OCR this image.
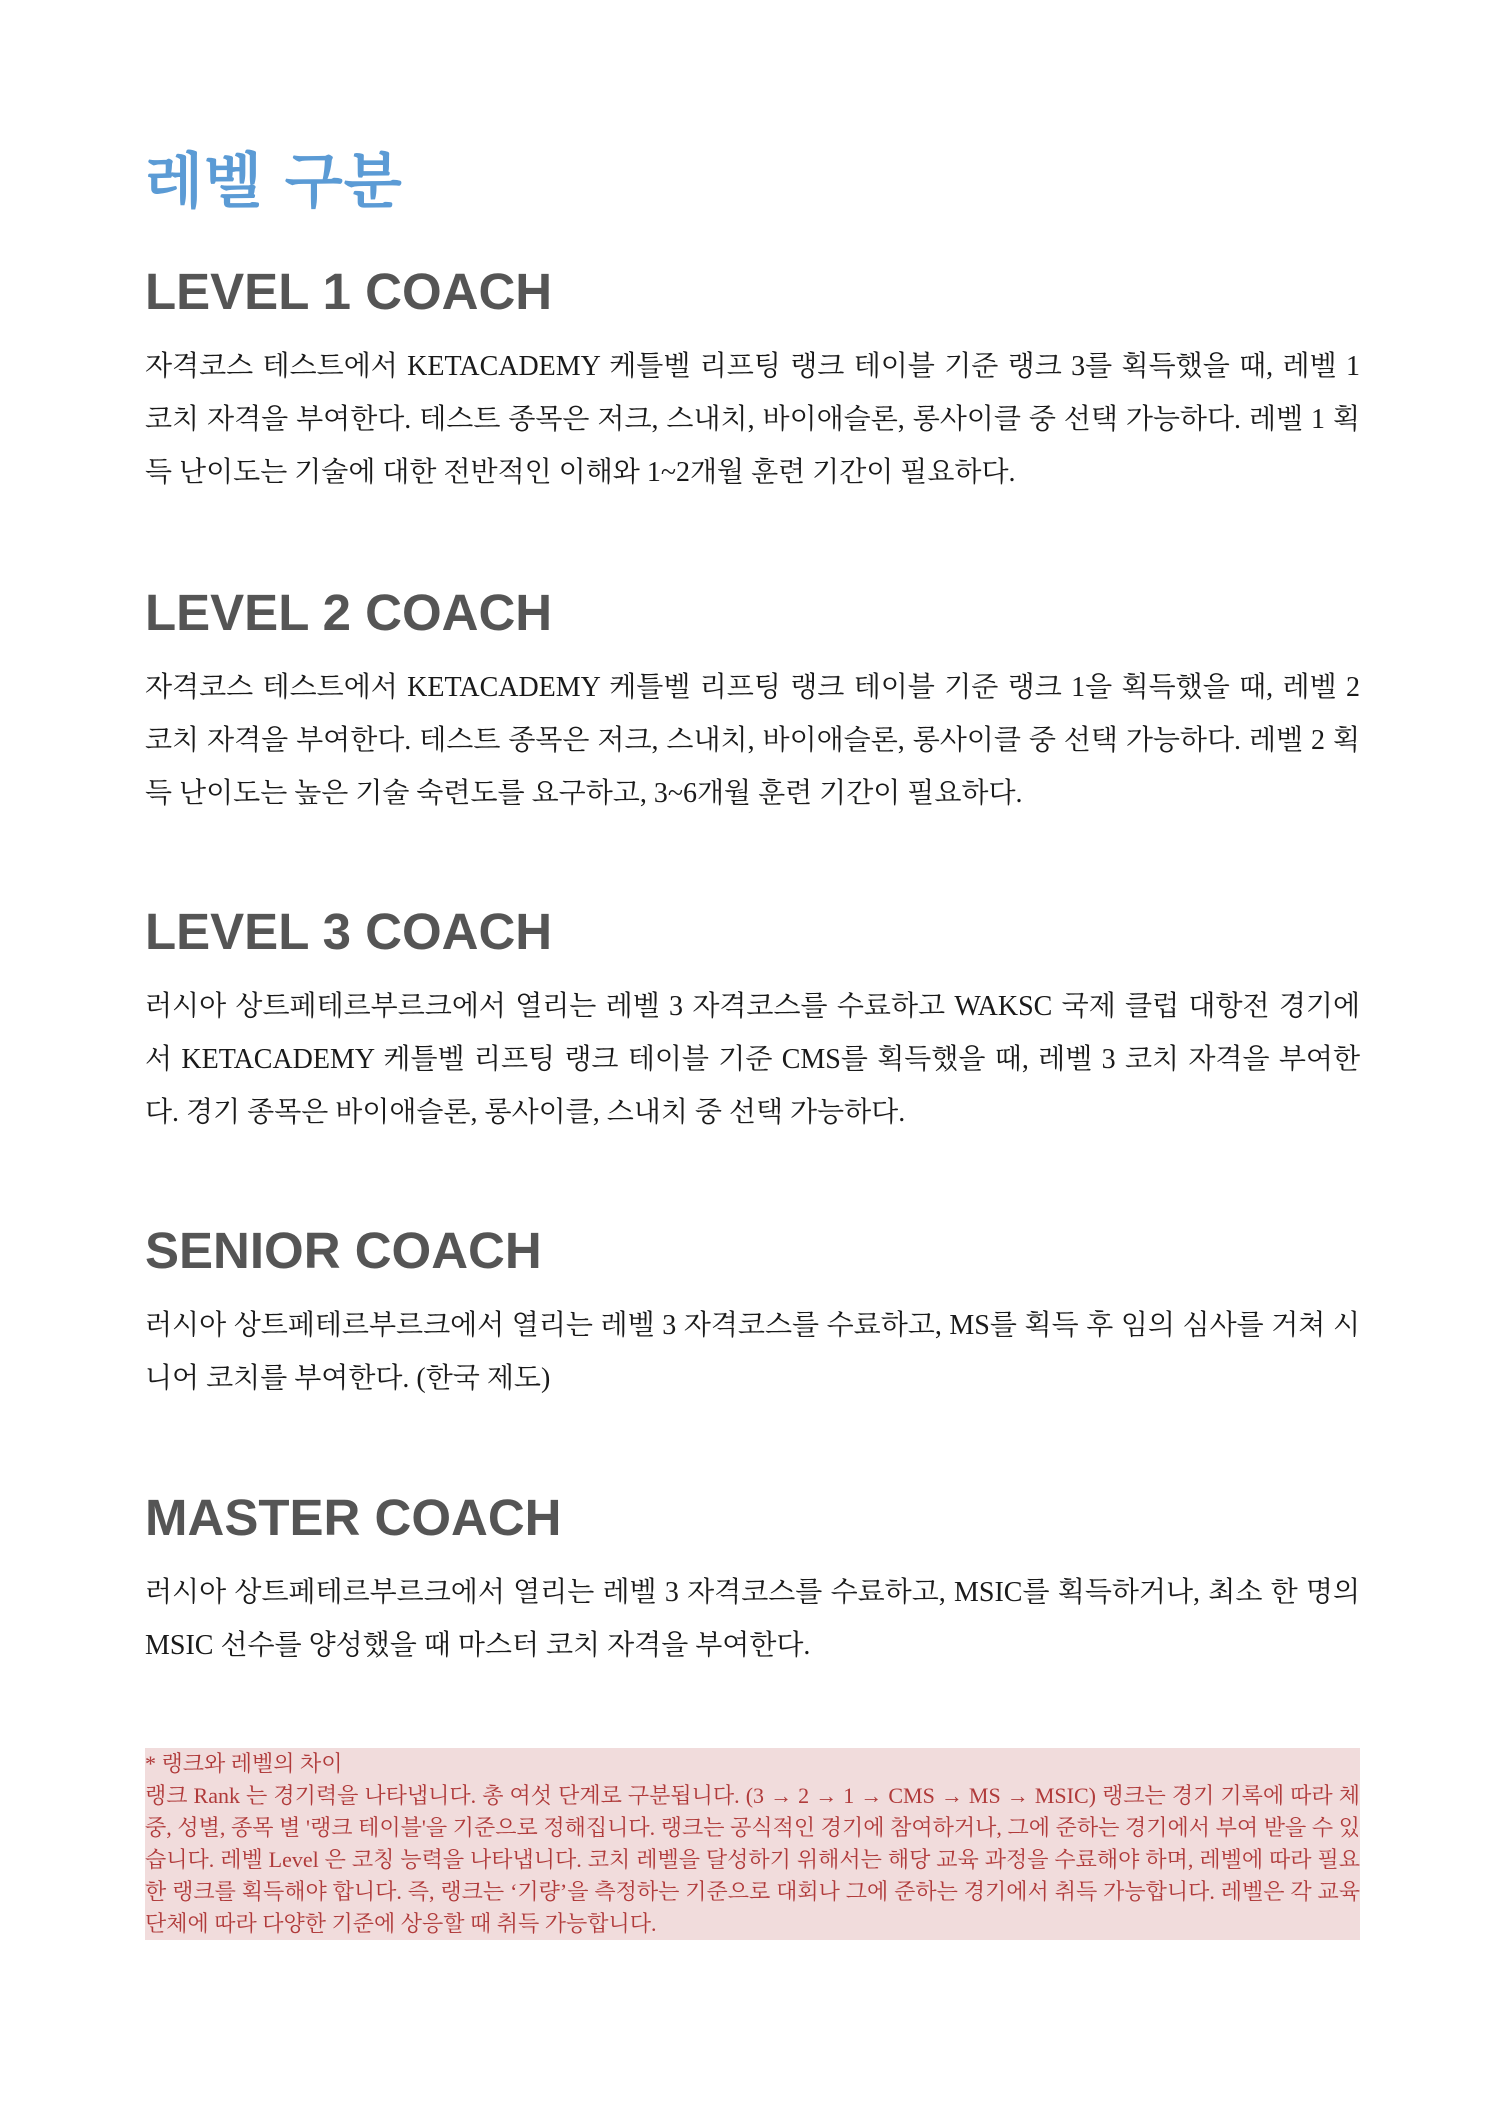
레벨 구분
LEVEL 1 COACH

자격코스 테스트에서 KETACADEMY 케틀벨 리프팅 랭크 테이블 기준 랭크 3를 획득했을 때, 레벨 1 코치 자격을 부여한다. 테스트 종목은 저크, 스내치, 바이애슬론, 롱사이클 중 선택 가능하다. 레벨 1 획득 난이도는 기술에 대한 전반적인 이해와 1~2개월 훈련 기간이 필요하다.

LEVEL 2 COACH

자격코스 테스트에서 KETACADEMY 케틀벨 리프팅 랭크 테이블 기준 랭크 1을 획득했을 때, 레벨 2 코치 자격을 부여한다. 테스트 종목은 저크, 스내치, 바이애슬론, 롱사이클 중 선택 가능하다. 레벨 2 획득 난이도는 높은 기술 숙련도를 요구하고, 3~6개월 훈련 기간이 필요하다.

LEVEL 3 COACH

러시아 상트페테르부르크에서 열리는 레벨 3 자격코스를 수료하고 WAKSC 국제 클럽 대항전 경기에서 KETACADEMY 케틀벨 리프팅 랭크 테이블 기준 CMS를 획득했을 때, 레벨 3 코치 자격을 부여한다. 경기 종목은 바이애슬론, 롱사이클, 스내치 중 선택 가능하다.

SENIOR COACH

러시아 상트페테르부르크에서 열리는 레벨 3 자격코스를 수료하고, MS를 획득 후 임의 심사를 거쳐 시니어 코치를 부여한다. (한국 제도)

MASTER COACH

러시아 상트페테르부르크에서 열리는 레벨 3 자격코스를 수료하고, MSIC를 획득하거나, 최소 한 명의 MSIC 선수를 양성했을 때 마스터 코치 자격을 부여한다.

* 랭크와 레벨의 차이

랭크 Rank 는 경기력을 나타냅니다. 총 여섯 단계로 구분됩니다. (3 → 2 → 1 → CMS → MS → MSIC) 랭크는 경기 기록에 따라 체중, 성별, 종목 별 '랭크 테이블'을 기준으로 정해집니다. 랭크는 공식적인 경기에 참여하거나, 그에 준하는 경기에서 부여 받을 수 있습니다. 레벨 Level 은 코칭 능력을 나타냅니다. 코치 레벨을 달성하기 위해서는 해당 교육 과정을 수료해야 하며, 레벨에 따라 필요한 랭크를 획득해야 합니다. 즉, 랭크는 ‘기량’을 측정하는 기준으로 대회나 그에 준하는 경기에서 취득 가능합니다. 레벨은 각 교육 단체에 따라 다양한 기준에 상응할 때 취득 가능합니다.
